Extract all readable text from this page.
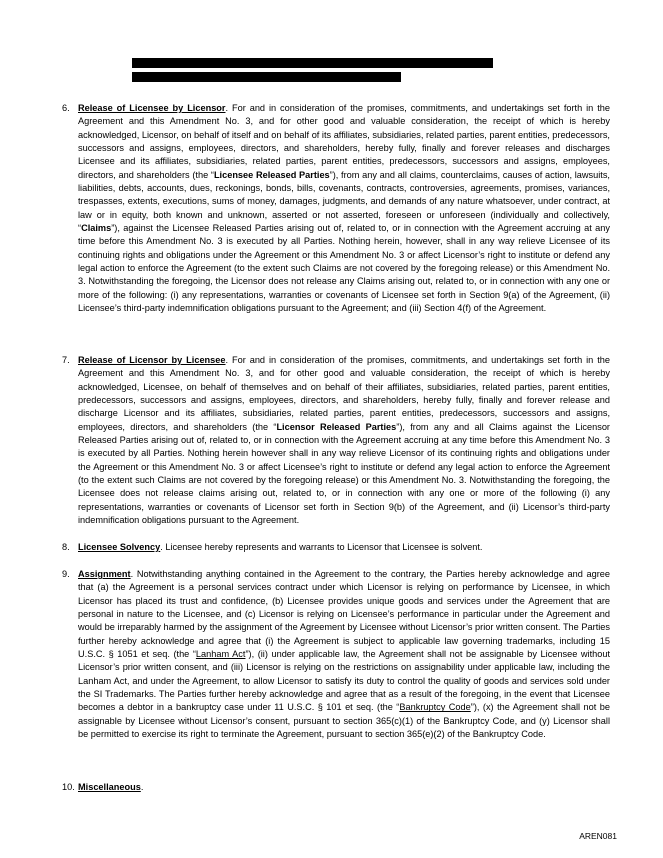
6. Release of Licensee by Licensor. For and in consideration of the promises, commitments, and undertakings set forth in the Agreement and this Amendment No. 3, and for other good and valuable consideration, the receipt of which is hereby acknowledged, Licensor, on behalf of itself and on behalf of its affiliates, subsidiaries, related parties, parent entities, predecessors, successors and assigns, employees, directors, and shareholders, hereby fully, finally and forever releases and discharges Licensee and its affiliates, subsidiaries, related parties, parent entities, predecessors, successors and assigns, employees, directors, and shareholders (the “Licensee Released Parties”), from any and all claims, counterclaims, causes of action, lawsuits, liabilities, debts, accounts, dues, reckonings, bonds, bills, covenants, contracts, controversies, agreements, promises, variances, trespasses, extents, executions, sums of money, damages, judgments, and demands of any nature whatsoever, under contract, at law or in equity, both known and unknown, asserted or not asserted, foreseen or unforeseen (individually and collectively, “Claims”), against the Licensee Released Parties arising out of, related to, or in connection with the Agreement accruing at any time before this Amendment No. 3 is executed by all Parties. Nothing herein, however, shall in any way relieve Licensee of its continuing rights and obligations under the Agreement or this Amendment No. 3 or affect Licensor’s right to institute or defend any legal action to enforce the Agreement (to the extent such Claims are not covered by the foregoing release) or this Amendment No. 3. Notwithstanding the foregoing, the Licensor does not release any Claims arising out, related to, or in connection with any one or more of the following: (i) any representations, warranties or covenants of Licensee set forth in Section 9(a) of the Agreement, (ii) Licensee’s third-party indemnification obligations pursuant to the Agreement; and (iii) Section 4(f) of the Agreement.

7. Release of Licensor by Licensee. For and in consideration of the promises, commitments, and undertakings set forth in the Agreement and this Amendment No. 3, and for other good and valuable consideration, the receipt of which is hereby acknowledged, Licensee, on behalf of themselves and on behalf of their affiliates, subsidiaries, related parties, parent entities, predecessors, successors and assigns, employees, directors, and shareholders, hereby fully, finally and forever release and discharge Licensor and its affiliates, subsidiaries, related parties, parent entities, predecessors, successors and assigns, employees, directors, and shareholders (the “Licensor Released Parties”), from any and all Claims against the Licensor Released Parties arising out of, related to, or in connection with the Agreement accruing at any time before this Amendment No. 3 is executed by all Parties. Nothing herein however shall in any way relieve Licensor of its continuing rights and obligations under the Agreement or this Amendment No. 3 or affect Licensee’s right to institute or defend any legal action to enforce the Agreement (to the extent such Claims are not covered by the foregoing release) or this Amendment No. 3. Notwithstanding the foregoing, the Licensee does not release claims arising out, related to, or in connection with any one or more of the following (i) any representations, warranties or covenants of Licensor set forth in Section 9(b) of the Agreement, and (ii) Licensor’s third-party indemnification obligations pursuant to the Agreement.

8. Licensee Solvency. Licensee hereby represents and warrants to Licensor that Licensee is solvent.

9. Assignment. Notwithstanding anything contained in the Agreement to the contrary, the Parties hereby acknowledge and agree that (a) the Agreement is a personal services contract under which Licensor is relying on performance by Licensee, in which Licensor has placed its trust and confidence, (b) Licensee provides unique goods and services under the Agreement that are personal in nature to the Licensee, and (c) Licensor is relying on Licensee’s performance in particular under the Agreement and would be irreparably harmed by the assignment of the Agreement by Licensee without Licensor’s prior written consent. The Parties further hereby acknowledge and agree that (i) the Agreement is subject to applicable law governing trademarks, including 15 U.S.C. § 1051 et seq. (the “Lanham Act”), (ii) under applicable law, the Agreement shall not be assignable by Licensee without Licensor’s prior written consent, and (iii) Licensor is relying on the restrictions on assignability under applicable law, including the Lanham Act, and under the Agreement, to allow Licensor to satisfy its duty to control the quality of goods and services sold under the SI Trademarks. The Parties further hereby acknowledge and agree that as a result of the foregoing, in the event that Licensee becomes a debtor in a bankruptcy case under 11 U.S.C. § 101 et seq. (the “Bankruptcy Code”), (x) the Agreement shall not be assignable by Licensee without Licensor’s consent, pursuant to section 365(c)(1) of the Bankruptcy Code, and (y) Licensor shall be permitted to exercise its right to terminate the Agreement, pursuant to section 365(e)(2) of the Bankruptcy Code.

10. Miscellaneous.

AREN081
